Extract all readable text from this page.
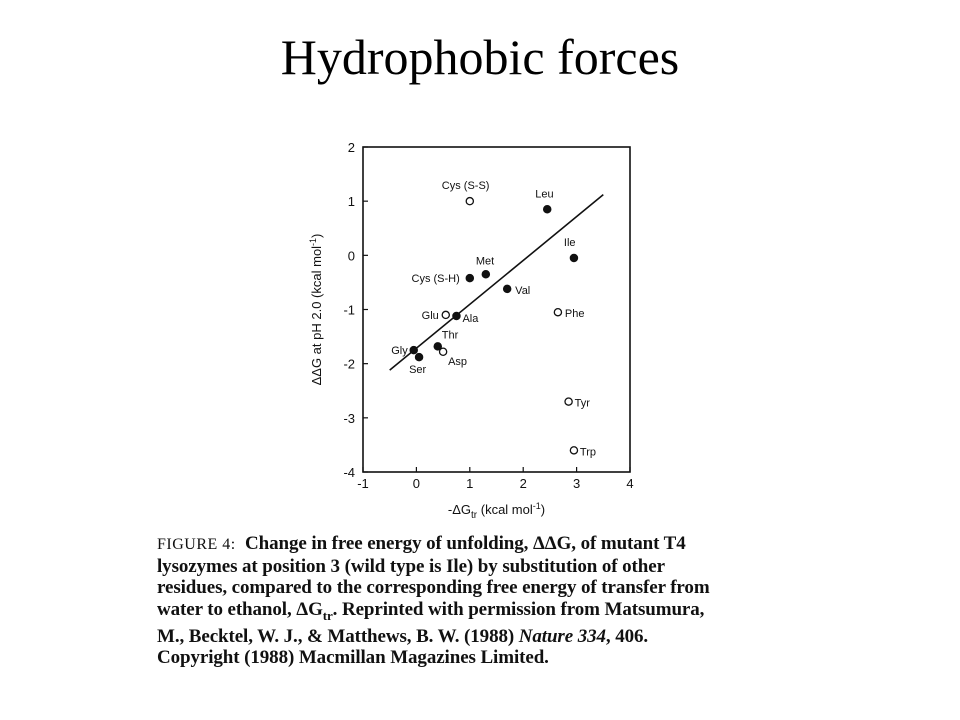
Hydrophobic forces
-1	0	1	2	3	4
-4
-3
-2
-1
0
1
2
Cys (S-S)
Leu
Ile
Met
Cys (S-H)
Val
Phe
Glu Ala
Thr
Gly
Asp
Ser
Tyr
Trp
$-\Delta G_{tr}$ (kcal mol$^{-1}$)
ΔΔG at pH 2.0 (kcal mol$^{-1}$)
FIGURE 4: Change in free energy of unfolding, ΔΔG, of mutant T4
lysozymes at position 3 (wild type is Ile) by substitution of other
residues, compared to the corresponding free energy of transfer from
water to ethanol, $\Delta G_{tr}$. Reprinted with permission from Matsumura,
M., Becktel, W. J., & Matthews, B. W. (1988) Nature 334, 406.
Copyright (1988) Macmillan Magazines Limited.
